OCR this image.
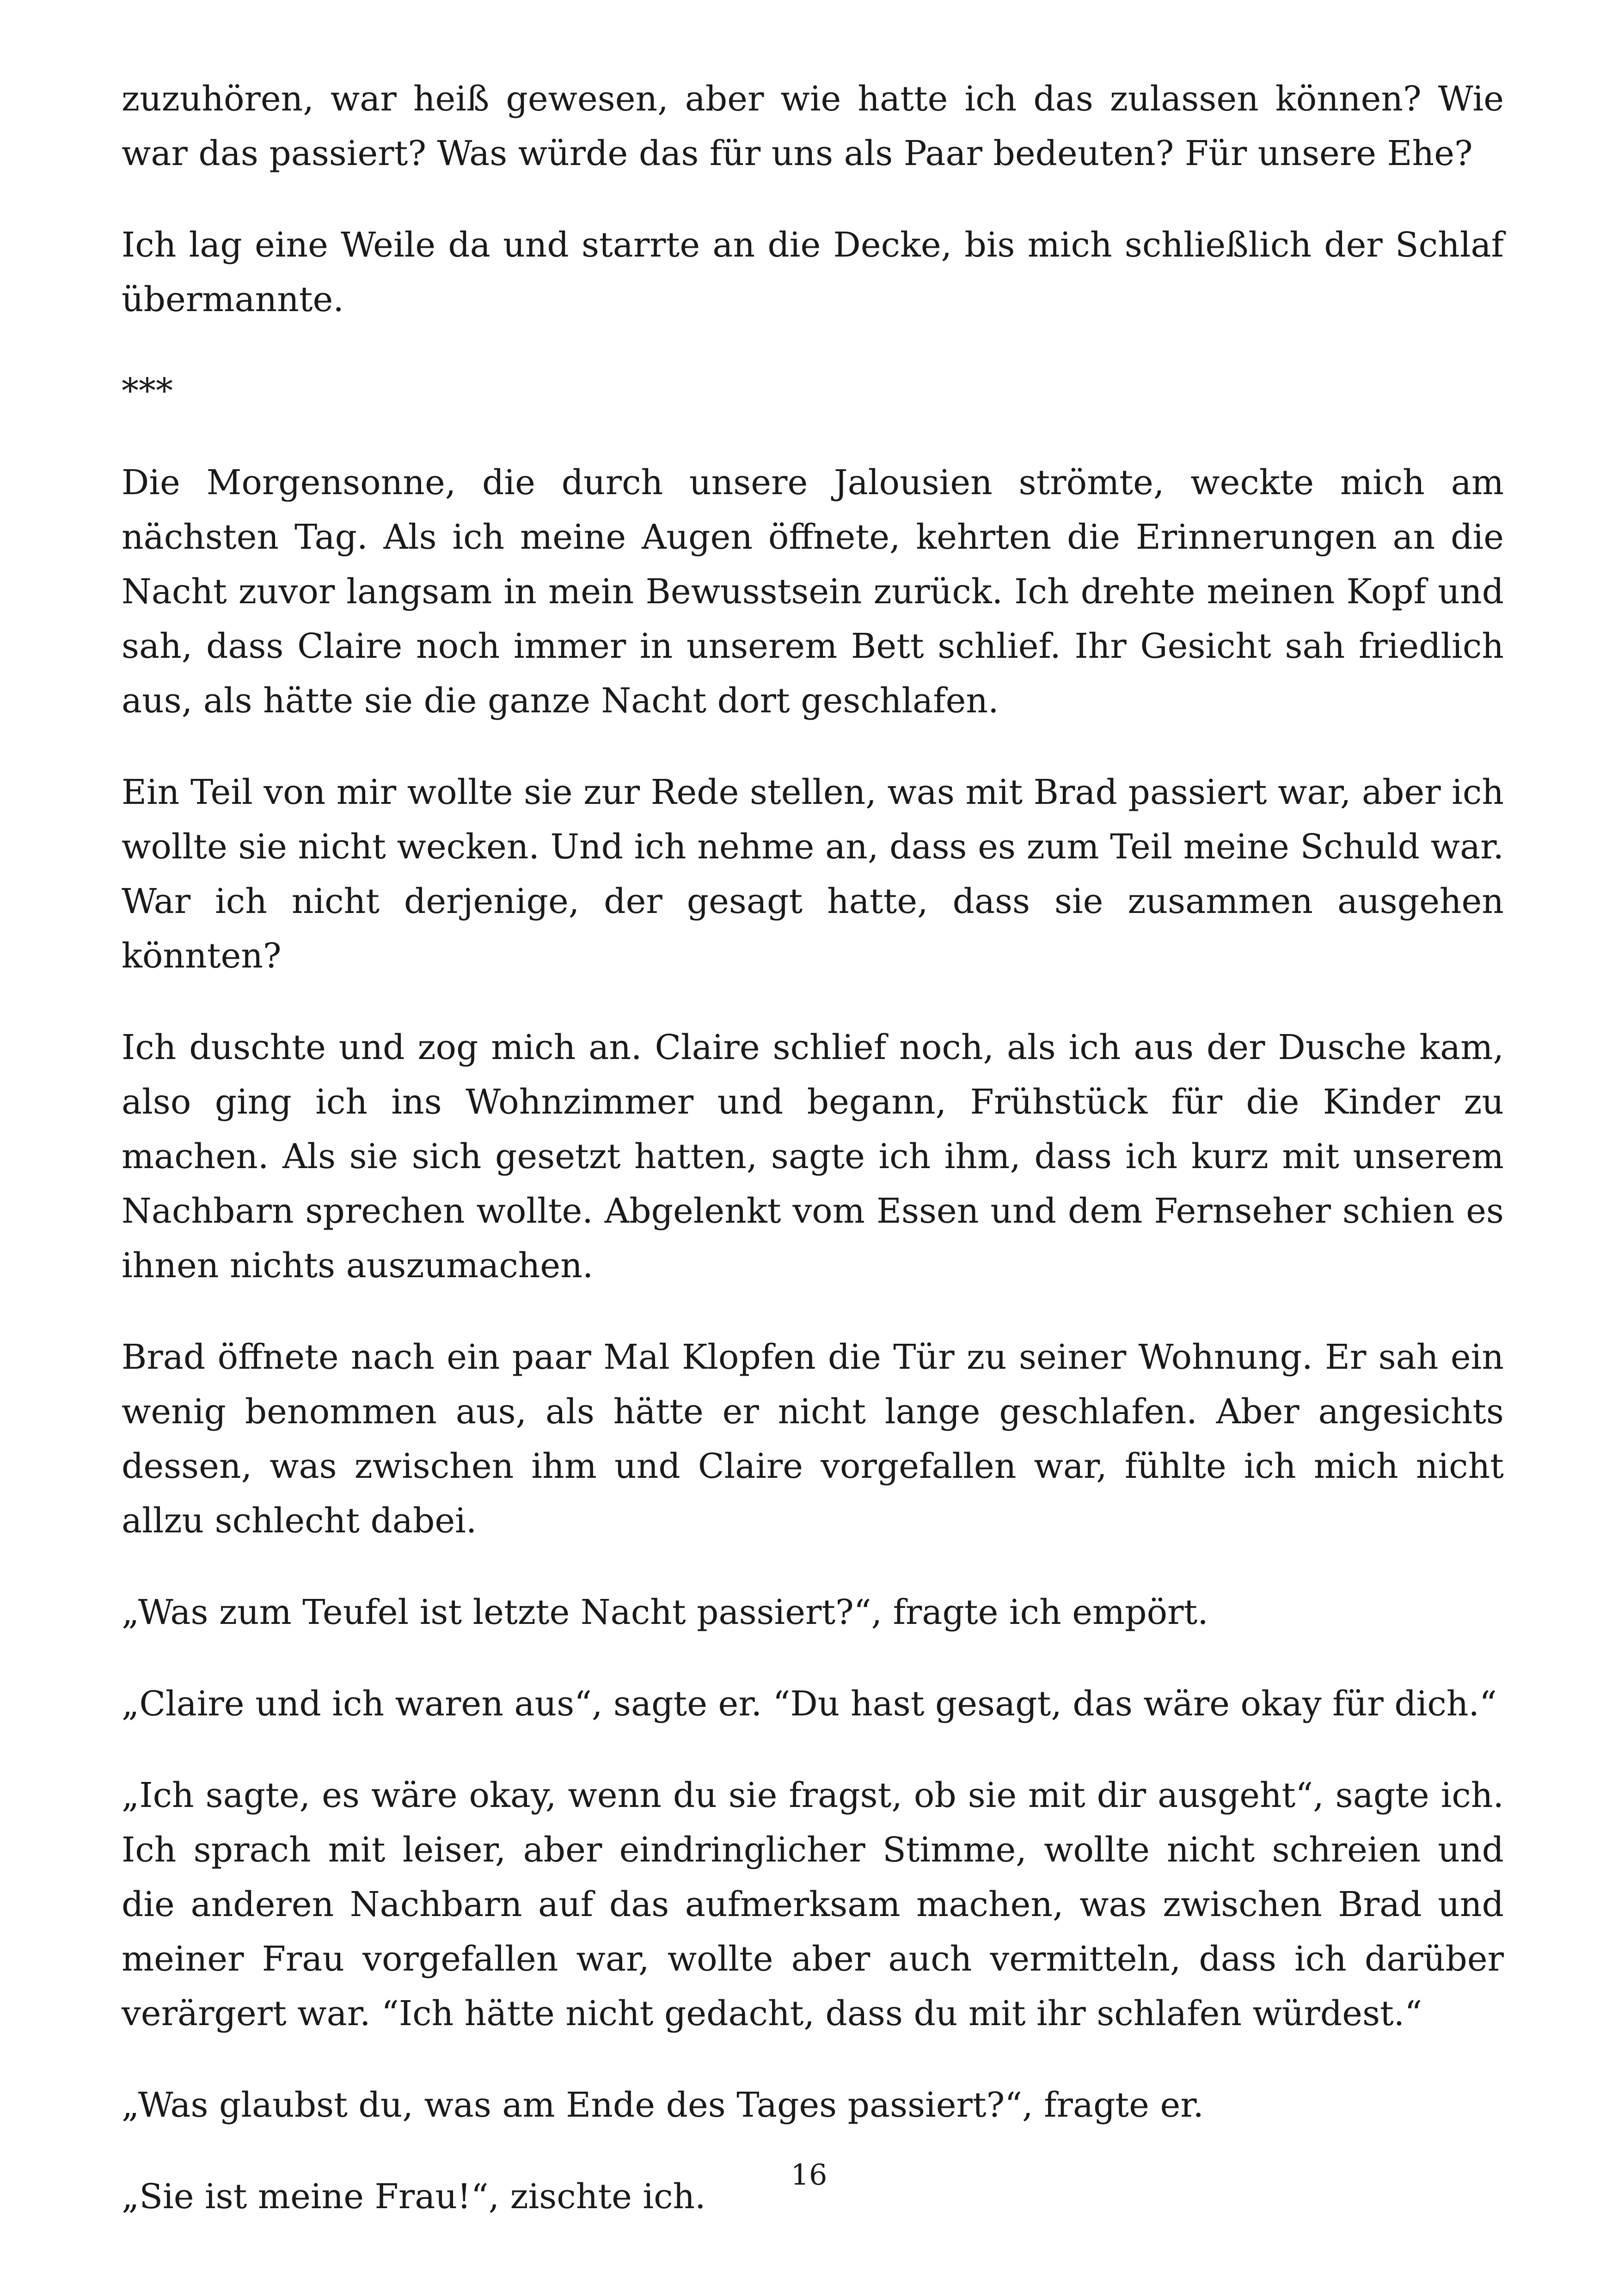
zuzuhören, war heiß gewesen, aber wie hatte ich das zulassen können? Wie war das passiert? Was würde das für uns als Paar bedeuten? Für unsere Ehe?

Ich lag eine Weile da und starrte an die Decke, bis mich schließlich der Schlaf übermannte.

***

Die Morgensonne, die durch unsere Jalousien strömte, weckte mich am nächsten Tag. Als ich meine Augen öffnete, kehrten die Erinnerungen an die Nacht zuvor langsam in mein Bewusstsein zurück. Ich drehte meinen Kopf und sah, dass Claire noch immer in unserem Bett schlief. Ihr Gesicht sah friedlich aus, als hätte sie die ganze Nacht dort geschlafen.

Ein Teil von mir wollte sie zur Rede stellen, was mit Brad passiert war, aber ich wollte sie nicht wecken. Und ich nehme an, dass es zum Teil meine Schuld war. War ich nicht derjenige, der gesagt hatte, dass sie zusammen ausgehen könnten?

Ich duschte und zog mich an. Claire schlief noch, als ich aus der Dusche kam, also ging ich ins Wohnzimmer und begann, Frühstück für die Kinder zu machen. Als sie sich gesetzt hatten, sagte ich ihm, dass ich kurz mit unserem Nachbarn sprechen wollte. Abgelenkt vom Essen und dem Fernseher schien es ihnen nichts auszumachen.

Brad öffnete nach ein paar Mal Klopfen die Tür zu seiner Wohnung. Er sah ein wenig benommen aus, als hätte er nicht lange geschlafen. Aber angesichts dessen, was zwischen ihm und Claire vorgefallen war, fühlte ich mich nicht allzu schlecht dabei.

„Was zum Teufel ist letzte Nacht passiert?“, fragte ich empört.

„Claire und ich waren aus“, sagte er. “Du hast gesagt, das wäre okay für dich.“

„Ich sagte, es wäre okay, wenn du sie fragst, ob sie mit dir ausgeht“, sagte ich. Ich sprach mit leiser, aber eindringlicher Stimme, wollte nicht schreien und die anderen Nachbarn auf das aufmerksam machen, was zwischen Brad und meiner Frau vorgefallen war, wollte aber auch vermitteln, dass ich darüber verärgert war. “Ich hätte nicht gedacht, dass du mit ihr schlafen würdest.“

„Was glaubst du, was am Ende des Tages passiert?“, fragte er.

„Sie ist meine Frau!“, zischte ich.

16
